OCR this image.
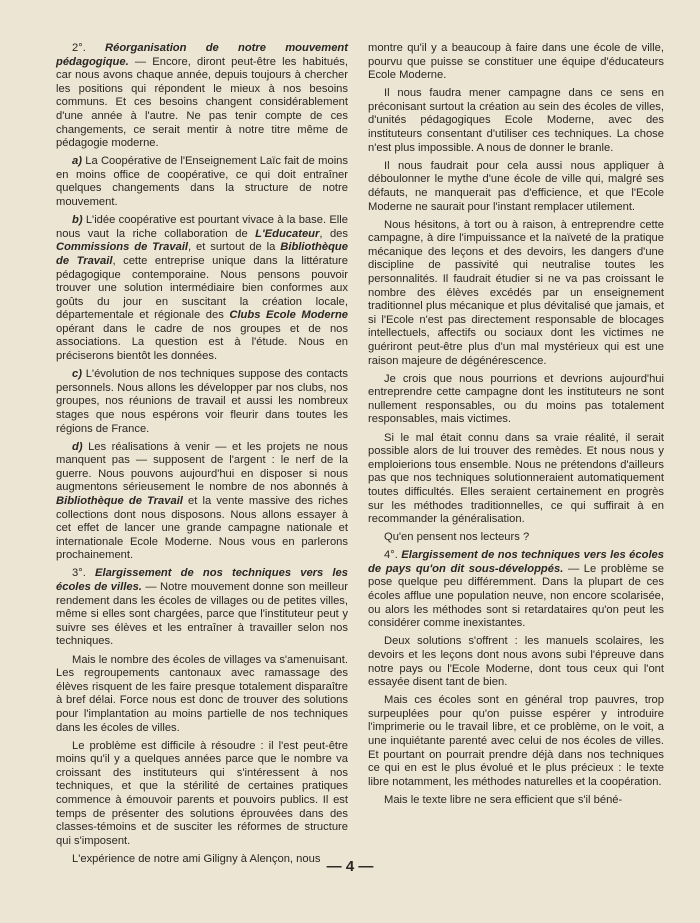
2°. Réorganisation de notre mouvement pédagogique. — Encore, diront peut-être les habitués, car nous avons chaque année, depuis toujours à chercher les positions qui répondent le mieux à nos besoins communs. Et ces besoins changent considérablement d'une année à l'autre. Ne pas tenir compte de ces changements, ce serait mentir à notre titre même de pédagogie moderne.

a) La Coopérative de l'Enseignement Laïc fait de moins en moins office de coopérative, ce qui doit entraîner quelques changements dans la structure de notre mouvement.

b) L'idée coopérative est pourtant vivace à la base. Elle nous vaut la riche collaboration de L'Educateur, des Commissions de Travail, et surtout de la Bibliothèque de Travail, cette entreprise unique dans la littérature pédagogique contemporaine. Nous pensons pouvoir trouver une solution intermédiaire bien conformes aux goûts du jour en suscitant la création locale, départementale et régionale des Clubs Ecole Moderne opérant dans le cadre de nos groupes et de nos associations. La question est à l'étude. Nous en préciserons bientôt les données.

c) L'évolution de nos techniques suppose des contacts personnels. Nous allons les développer par nos clubs, nos groupes, nos réunions de travail et aussi les nombreux stages que nous espérons voir fleurir dans toutes les régions de France.

d) Les réalisations à venir — et les projets ne nous manquent pas — supposent de l'argent : le nerf de la guerre. Nous pouvons aujourd'hui en disposer si nous augmentons sérieusement le nombre de nos abonnés à Bibliothèque de Travail et la vente massive des riches collections dont nous disposons. Nous allons essayer à cet effet de lancer une grande campagne nationale et internationale Ecole Moderne. Nous vous en parlerons prochainement.

3°. Elargissement de nos techniques vers les écoles de villes. — Notre mouvement donne son meilleur rendement dans les écoles de villages ou de petites villes, même si elles sont chargées, parce que l'instituteur peut y suivre ses élèves et les entraîner à travailler selon nos techniques.

Mais le nombre des écoles de villages va s'amenuisant. Les regroupements cantonaux avec ramassage des élèves risquent de les faire presque totalement disparaître à bref délai. Force nous est donc de trouver des solutions pour l'implantation au moins partielle de nos techniques dans les écoles de villes.

Le problème est difficile à résoudre : il l'est peut-être moins qu'il y a quelques années parce que le nombre va croissant des instituteurs qui s'intéressent à nos techniques, et que la stérilité de certaines pratiques commence à émouvoir parents et pouvoirs publics. Il est temps de présenter des solutions éprouvées dans des classes-témoins et de susciter les réformes de structure qui s'imposent.

L'expérience de notre ami Giligny à Alençon, nous

montre qu'il y a beaucoup à faire dans une école de ville, pourvu que puisse se constituer une équipe d'éducateurs Ecole Moderne.

Il nous faudra mener campagne dans ce sens en préconisant surtout la création au sein des écoles de villes, d'unités pédagogiques Ecole Moderne, avec des instituteurs consentant d'utiliser ces techniques. La chose n'est plus impossible. A nous de donner le branle.

Il nous faudrait pour cela aussi nous appliquer à déboulonner le mythe d'une école de ville qui, malgré ses défauts, ne manquerait pas d'efficience, et que l'Ecole Moderne ne saurait pour l'instant remplacer utilement.

Nous hésitons, à tort ou à raison, à entreprendre cette campagne, à dire l'impuissance et la naïveté de la pratique mécanique des leçons et des devoirs, les dangers d'une discipline de passivité qui neutralise toutes les personnalités. Il faudrait étudier si ne va pas croissant le nombre des élèves excédés par un enseignement traditionnel plus mécanique et plus dévitalisé que jamais, et si l'Ecole n'est pas directement responsable de blocages intellectuels, affectifs ou sociaux dont les victimes ne guériront peut-être plus d'un mal mystérieux qui est une raison majeure de dégénérescence.

Je crois que nous pourrions et devrions aujourd'hui entreprendre cette campagne dont les instituteurs ne sont nullement responsables, ou du moins pas totalement responsables, mais victimes.

Si le mal était connu dans sa vraie réalité, il serait possible alors de lui trouver des remèdes. Et nous nous y emploierions tous ensemble. Nous ne prétendons d'ailleurs pas que nos techniques solutionneraient automatiquement toutes difficultés. Elles seraient certainement en progrès sur les méthodes traditionnelles, ce qui suffirait à en recommander la généralisation.

Qu'en pensent nos lecteurs ?

4°. Elargissement de nos techniques vers les écoles de pays qu'on dit sous-développés. — Le problème se pose quelque peu différemment. Dans la plupart de ces écoles afflue une population neuve, non encore scolarisée, ou alors les méthodes sont si retardataires qu'on peut les considérer comme inexistantes.

Deux solutions s'offrent : les manuels scolaires, les devoirs et les leçons dont nous avons subi l'épreuve dans notre pays ou l'Ecole Moderne, dont tous ceux qui l'ont essayée disent tant de bien.

Mais ces écoles sont en général trop pauvres, trop surpeuplées pour qu'on puisse espérer y introduire l'imprimerie ou le travail libre, et ce problème, on le voit, a une inquiétante parenté avec celui de nos écoles de villes. Et pourtant on pourrait prendre déjà dans nos techniques ce qui en est le plus évolué et le plus précieux : le texte libre notamment, les méthodes naturelles et la coopération.

Mais le texte libre ne sera efficient que s'il béné-

— 4 —
